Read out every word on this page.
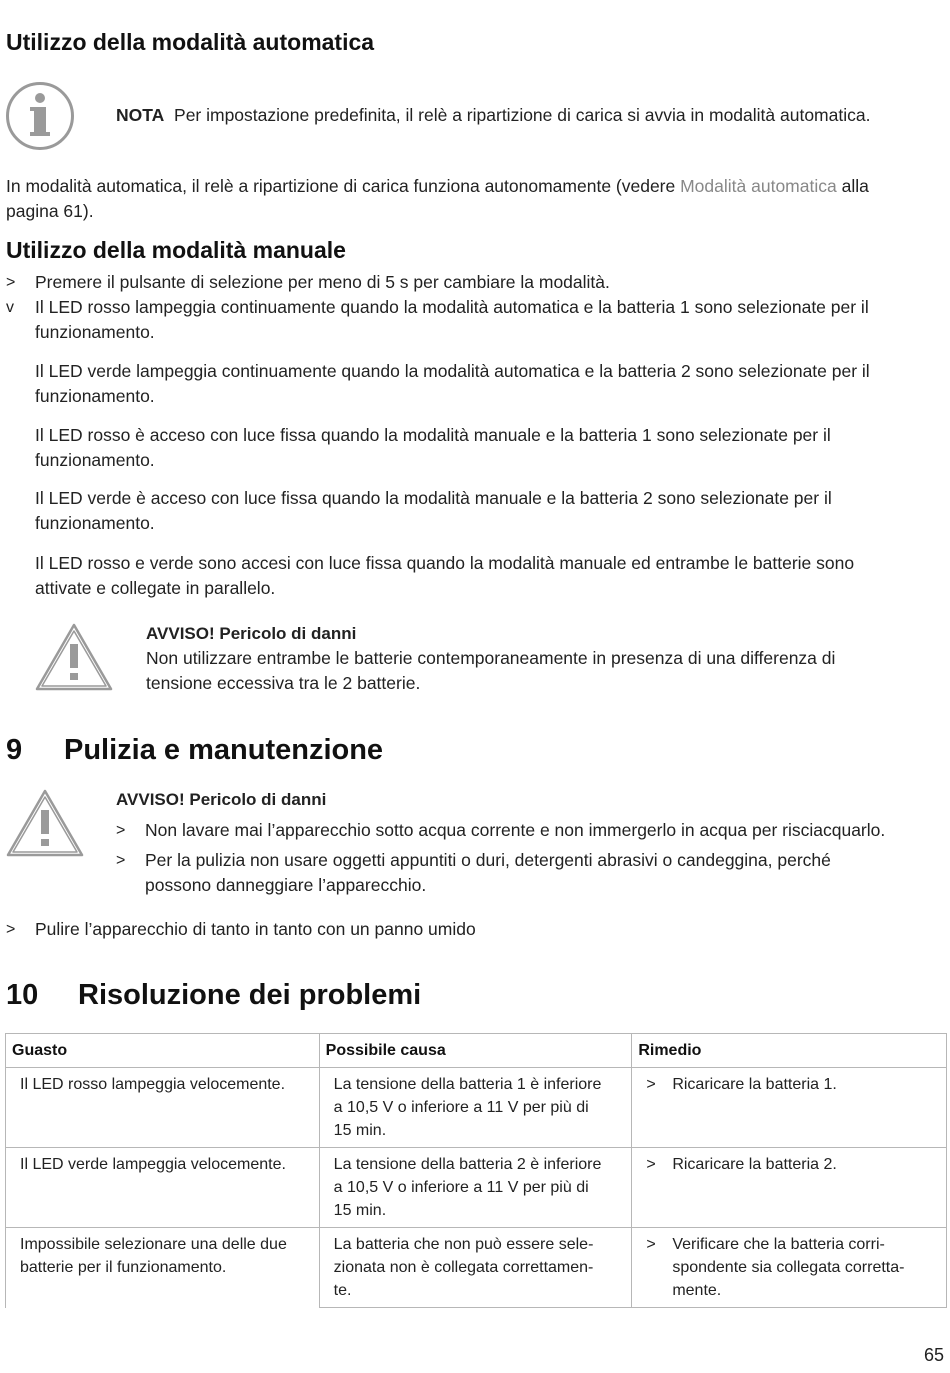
Utilizzo della modalità automatica

NOTA Per impostazione predefinita, il relè a ripartizione di carica si avvia in modalità automatica.

In modalità automatica, il relè a ripartizione di carica funziona autonomamente (vedere Modalità automatica alla
pagina 61).

Utilizzo della modalità manuale
> Premere il pulsante di selezione per meno di 5 s per cambiare la modalità.
v Il LED rosso lampeggia continuamente quando la modalità automatica e la batteria 1 sono selezionate per il
funzionamento.

Il LED verde lampeggia continuamente quando la modalità automatica e la batteria 2 sono selezionate per il
funzionamento.

Il LED rosso è acceso con luce fissa quando la modalità manuale e la batteria 1 sono selezionate per il
funzionamento.

Il LED verde è acceso con luce fissa quando la modalità manuale e la batteria 2 sono selezionate per il
funzionamento.

Il LED rosso e verde sono accesi con luce fissa quando la modalità manuale ed entrambe le batterie sono
attivate e collegate in parallelo.

AVVISO! Pericolo di danni
Non utilizzare entrambe le batterie contemporaneamente in presenza di una differenza di
tensione eccessiva tra le 2 batterie.

9 Pulizia e manutenzione

AVVISO! Pericolo di danni

> Non lavare mai l’apparecchio sotto acqua corrente e non immergerlo in acqua per risciacquarlo.
> Per la pulizia non usare oggetti appuntiti o duri, detergenti abrasivi o candeggina, perché
possono danneggiare l’apparecchio.
> Pulire l’apparecchio di tanto in tanto con un panno umido
10 Risoluzione dei problemi
Guasto	Possibile causa	Rimedio
Il LED rosso lampeggia velocemente.	La tensione della batteria 1 è inferiore
a 10,5 V o inferiore a 11 V per più di
15 min.	> Ricaricare la batteria 1.

Il LED verde lampeggia velocemente.	La tensione della batteria 2 è inferiore
a 10,5 V o inferiore a 11 V per più di
15 min.	> Ricaricare la batteria 2.

Impossibile selezionare una delle due
batterie per il funzionamento.	La batteria che non può essere sele-
zionata non è collegata correttamen-
te.	> Verificare che la batteria corri-
spondente sia collegata corretta-
mente.
65
